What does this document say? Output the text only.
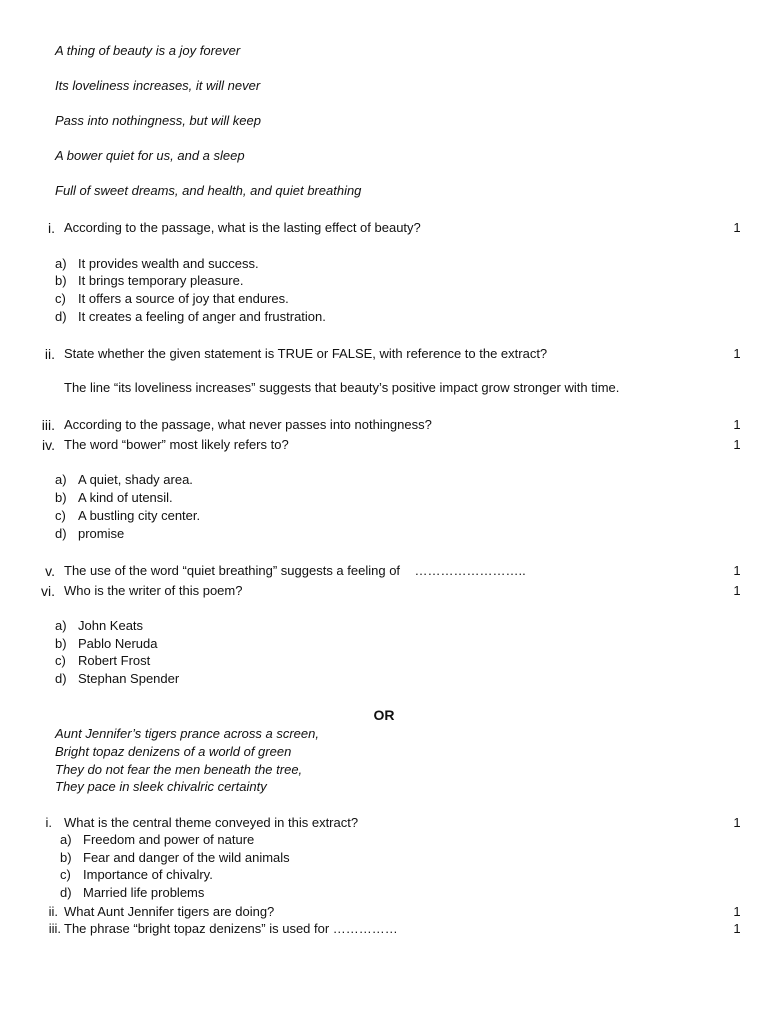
A thing of beauty is a joy forever
Its loveliness increases, it will never
Pass into nothingness, but will keep
A bower quiet for us, and a sleep
Full of sweet dreams, and health, and quiet breathing
i. According to the passage, what is the lasting effect of beauty?	1
a) It provides wealth and success.
b) It brings temporary pleasure.
c) It offers a source of joy that endures.
d) It creates a feeling of anger and frustration.
ii. State whether the given statement is TRUE or FALSE, with reference to the extract?	1
The line “its loveliness increases” suggests that beauty’s positive impact grow stronger with time.
iii. According to the passage, what never passes into nothingness?	1
iv. The word “bower” most likely refers to?	1
a) A quiet, shady area.
b) A kind of utensil.
c) A bustling city center.
d) promise
v. The use of the word “quiet breathing” suggests a feeling of    ……………………..	1
vi. Who is the writer of this poem?	1
a) John Keats
b) Pablo Neruda
c) Robert Frost
d) Stephan Spender
OR
Aunt Jennifer’s tigers prance across a screen,
Bright topaz denizens of a world of green
They do not fear the men beneath the tree,
They pace in sleek chivalric certainty
i. What is the central theme conveyed in this extract?	1
a) Freedom and power of nature
b) Fear and danger of the wild animals
c) Importance of chivalry.
d) Married life problems
ii. What Aunt Jennifer tigers are doing?	1
iii. The phrase “bright topaz denizens” is used for ……………	1
